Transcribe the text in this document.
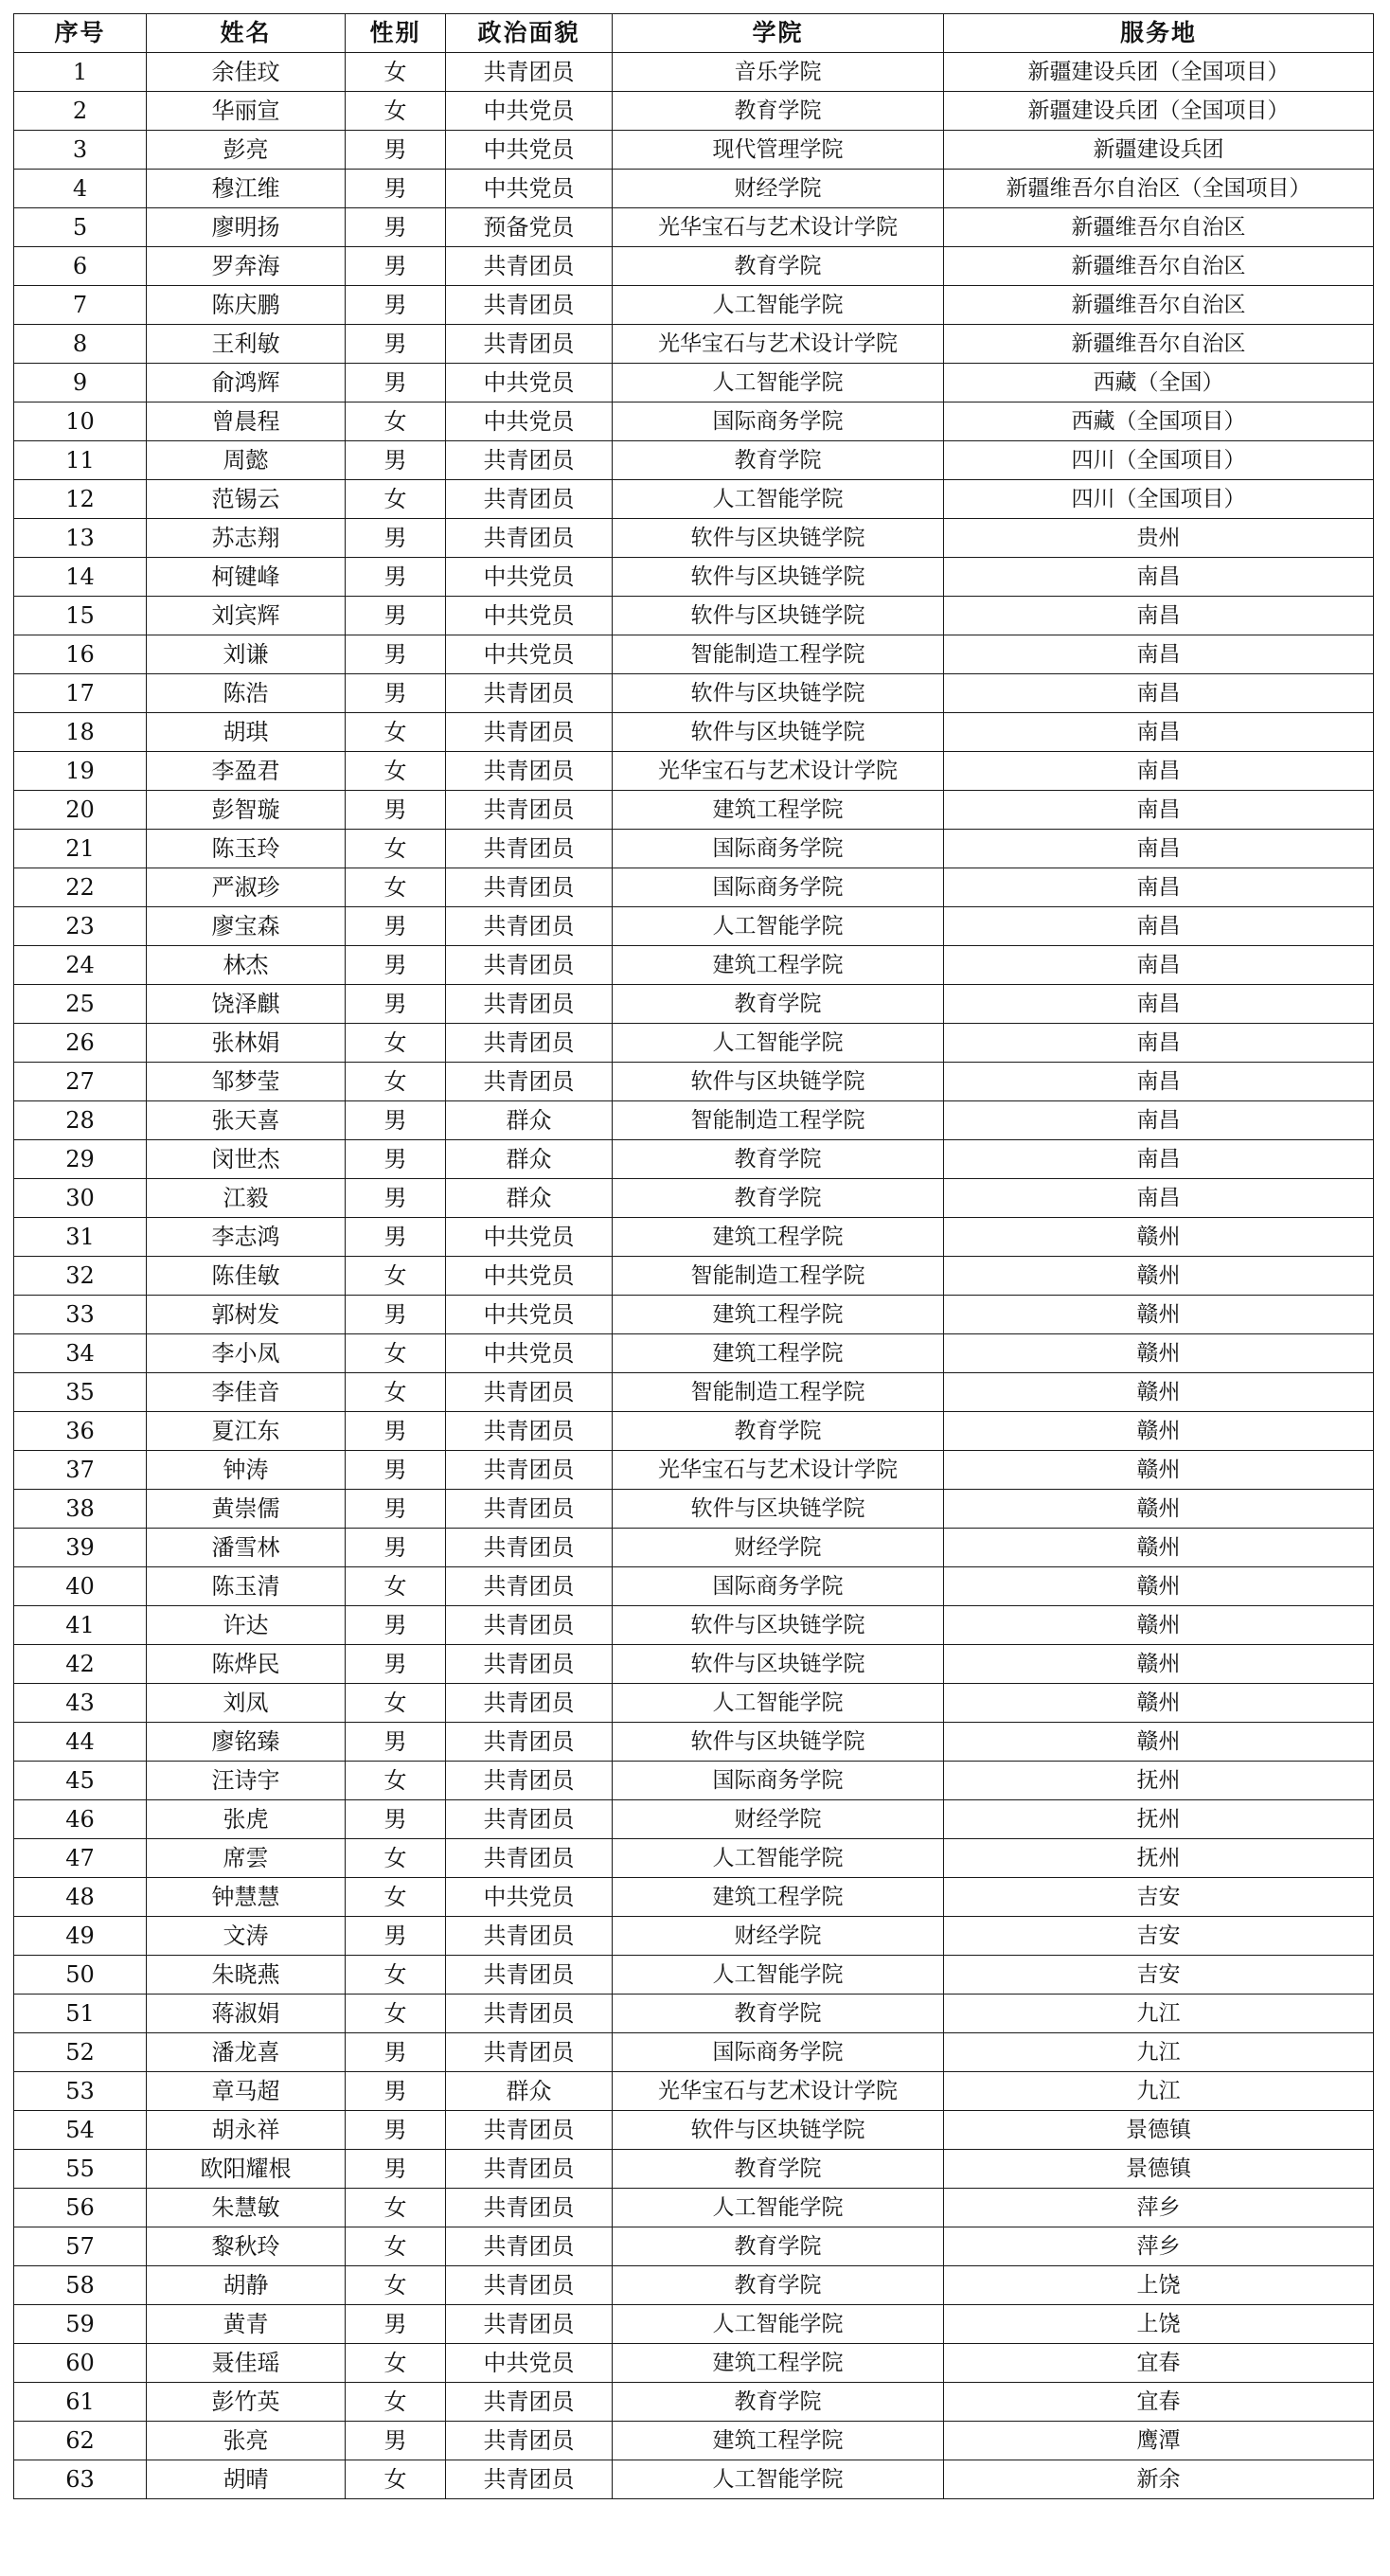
序号	姓名	性别	政治面貌	学院	服务地
1	余佳玟	女	共青团员	音乐学院	新疆建设兵团（全国项目）
2	华丽宣	女	中共党员	教育学院	新疆建设兵团（全国项目）
3	彭亮	男	中共党员	现代管理学院	新疆建设兵团
4	穆江维	男	中共党员	财经学院	新疆维吾尔自治区（全国项目）
5	廖明扬	男	预备党员	光华宝石与艺术设计学院	新疆维吾尔自治区
6	罗奔海	男	共青团员	教育学院	新疆维吾尔自治区
7	陈庆鹏	男	共青团员	人工智能学院	新疆维吾尔自治区
8	王利敏	男	共青团员	光华宝石与艺术设计学院	新疆维吾尔自治区
9	俞鸿辉	男	中共党员	人工智能学院	西藏（全国）
10	曾晨程	女	中共党员	国际商务学院	西藏（全国项目）
11	周懿	男	共青团员	教育学院	四川（全国项目）
12	范锡云	女	共青团员	人工智能学院	四川（全国项目）
13	苏志翔	男	共青团员	软件与区块链学院	贵州
14	柯键峰	男	中共党员	软件与区块链学院	南昌
15	刘宾辉	男	中共党员	软件与区块链学院	南昌
16	刘谦	男	中共党员	智能制造工程学院	南昌
17	陈浩	男	共青团员	软件与区块链学院	南昌
18	胡琪	女	共青团员	软件与区块链学院	南昌
19	李盈君	女	共青团员	光华宝石与艺术设计学院	南昌
20	彭智璇	男	共青团员	建筑工程学院	南昌
21	陈玉玲	女	共青团员	国际商务学院	南昌
22	严淑珍	女	共青团员	国际商务学院	南昌
23	廖宝森	男	共青团员	人工智能学院	南昌
24	林杰	男	共青团员	建筑工程学院	南昌
25	饶泽麒	男	共青团员	教育学院	南昌
26	张林娟	女	共青团员	人工智能学院	南昌
27	邹梦莹	女	共青团员	软件与区块链学院	南昌
28	张天喜	男	群众	智能制造工程学院	南昌
29	闵世杰	男	群众	教育学院	南昌
30	江毅	男	群众	教育学院	南昌
31	李志鸿	男	中共党员	建筑工程学院	赣州
32	陈佳敏	女	中共党员	智能制造工程学院	赣州
33	郭树发	男	中共党员	建筑工程学院	赣州
34	李小凤	女	中共党员	建筑工程学院	赣州
35	李佳音	女	共青团员	智能制造工程学院	赣州
36	夏江东	男	共青团员	教育学院	赣州
37	钟涛	男	共青团员	光华宝石与艺术设计学院	赣州
38	黄崇儒	男	共青团员	软件与区块链学院	赣州
39	潘雪林	男	共青团员	财经学院	赣州
40	陈玉清	女	共青团员	国际商务学院	赣州
41	许达	男	共青团员	软件与区块链学院	赣州
42	陈烨民	男	共青团员	软件与区块链学院	赣州
43	刘凤	女	共青团员	人工智能学院	赣州
44	廖铭臻	男	共青团员	软件与区块链学院	赣州
45	汪诗宇	女	共青团员	国际商务学院	抚州
46	张虎	男	共青团员	财经学院	抚州
47	席雲	女	共青团员	人工智能学院	抚州
48	钟慧慧	女	中共党员	建筑工程学院	吉安
49	文涛	男	共青团员	财经学院	吉安
50	朱晓燕	女	共青团员	人工智能学院	吉安
51	蒋淑娟	女	共青团员	教育学院	九江
52	潘龙喜	男	共青团员	国际商务学院	九江
53	章马超	男	群众	光华宝石与艺术设计学院	九江
54	胡永祥	男	共青团员	软件与区块链学院	景德镇
55	欧阳耀根	男	共青团员	教育学院	景德镇
56	朱慧敏	女	共青团员	人工智能学院	萍乡
57	黎秋玲	女	共青团员	教育学院	萍乡
58	胡静	女	共青团员	教育学院	上饶
59	黄青	男	共青团员	人工智能学院	上饶
60	聂佳瑶	女	中共党员	建筑工程学院	宜春
61	彭竹英	女	共青团员	教育学院	宜春
62	张亮	男	共青团员	建筑工程学院	鹰潭
63	胡晴	女	共青团员	人工智能学院	新余
